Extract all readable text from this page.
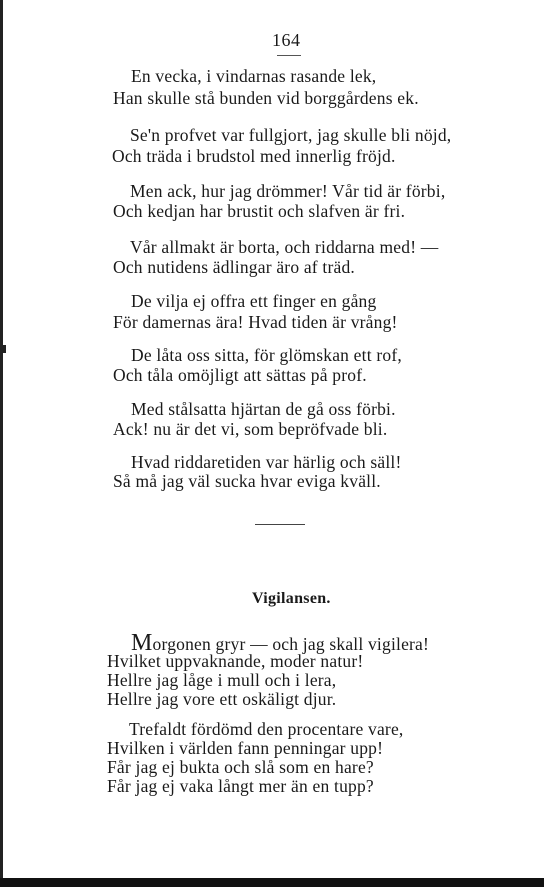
164
En vecka, i vindarnas rasande lek,
Han skulle stå bunden vid borggårdens ek.
Se'n profvet var fullgjort, jag skulle bli nöjd,
Och träda i brudstol med innerlig fröjd.
Men ack, hur jag drömmer! Vår tid är förbi,
Och kedjan har brustit och slafven är fri.
Vår allmakt är borta, och riddarna med! —
Och nutidens ädlingar äro af träd.
De vilja ej offra ett finger en gång
För damernas ära! Hvad tiden är vrång!
De låta oss sitta, för glömskan ett rof,
Och tåla omöjligt att sättas på prof.
Med stålsatta hjärtan de gå oss förbi.
Ack! nu är det vi, som bepröfvade bli.
Hvad riddaretiden var härlig och säll!
Så må jag väl sucka hvar eviga kväll.
Vigilansen.
Morgonen gryr — och jag skall vigilera!
Hvilket uppvaknande, moder natur!
Hellre jag låge i mull och i lera,
Hellre jag vore ett oskäligt djur.
Trefaldt fördömd den procentare vare,
Hvilken i världen fann penningar upp!
Får jag ej bukta och slå som en hare?
Får jag ej vaka långt mer än en tupp?
